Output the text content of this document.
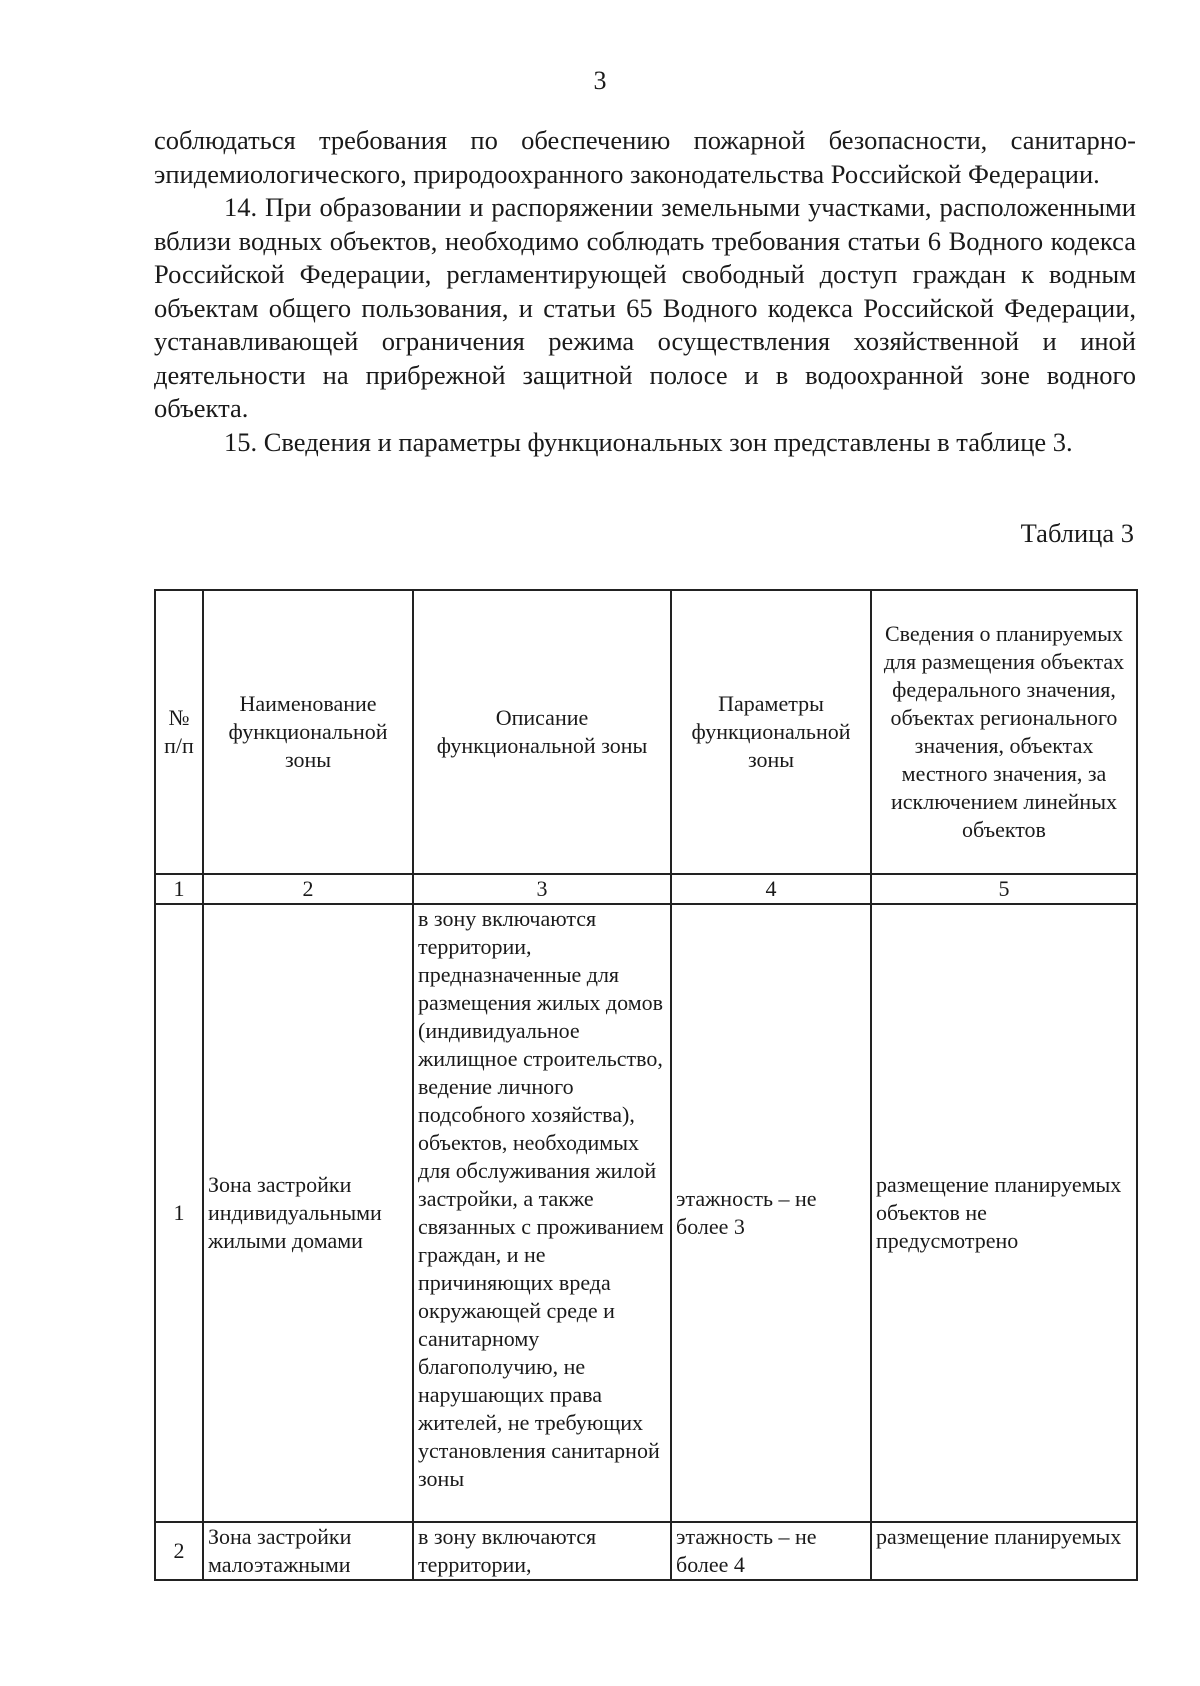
3

соблюдаться требования по обеспечению пожарной безопасности, санитарно-эпидемиологического, природоохранного законодательства Российской Федерации.

14. При образовании и распоряжении земельными участками, расположенными вблизи водных объектов, необходимо соблюдать требования статьи 6 Водного кодекса Российской Федерации, регламентирующей свободный доступ граждан к водным объектам общего пользования, и статьи 65 Водного кодекса Российской Федерации, устанавливающей ограничения режима осуществления хозяйственной и иной деятельности на прибрежной защитной полосе и в водоохранной зоне водного объекта.

15. Сведения и параметры функциональных зон представлены в таблице 3.

Таблица 3
№ п/п	Наименование функциональной зоны	Описание функциональной зоны	Параметры функциональной зоны	Сведения о планируемых для размещения объектах федерального значения, объектах регионального значения, объектах местного значения, за исключением линейных объектов
1	2	3	4	5
1	Зона застройки индивидуальными жилыми домами	в зону включаются территории, предназначенные для размещения жилых домов (индивидуальное жилищное строительство, ведение личного подсобного хозяйства), объектов, необходимых для обслуживания жилой застройки, а также связанных с проживанием граждан, и не причиняющих вреда окружающей среде и санитарному благополучию, не нарушающих права жителей, не требующих установления санитарной зоны	этажность – не более 3	размещение планируемых объектов не предусмотрено
2	Зона застройки малоэтажными	в зону включаются территории,	этажность – не более 4	размещение планируемых
